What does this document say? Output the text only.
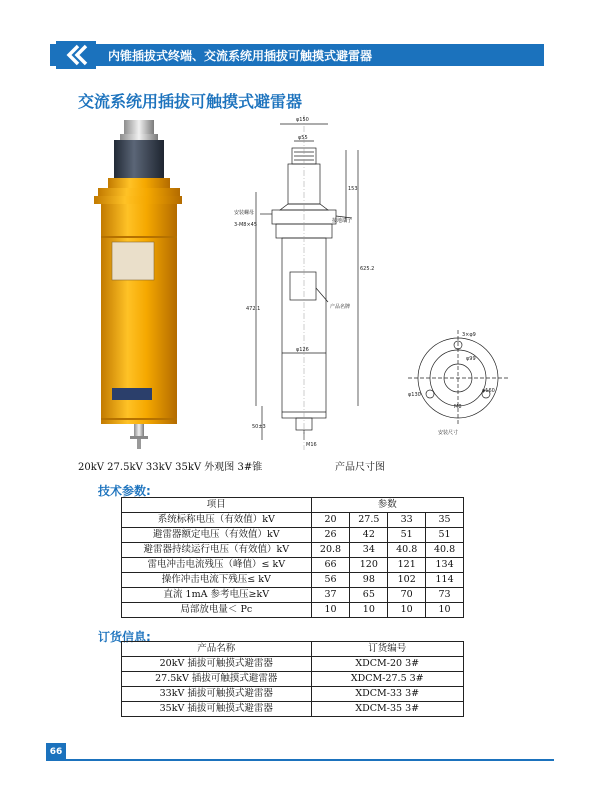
内锥插拔式终端、交流系统用插拔可触摸式避雷器
交流系统用插拔可触摸式避雷器
φ150
φ55
φ126
M16
153
625.2
472.1
50±3
安装螺母
3-M8×45
接地端子
产品名牌
3×φ9
φ99
φ130
φ160
M8
安装尺寸
20kV 27.5kV 33kV 35kV 外观图 3#锥	产品尺寸图
技术参数:
项目	参数			
系统标称电压（有效值）kV	20	27.5	33	35
避雷器额定电压（有效值）kV	26	42	51	51
避雷器持续运行电压（有效值）kV	20.8	34	40.8	40.8
雷电冲击电流残压（峰值）≤ kV	66	120	121	134
操作冲击电流下残压≤ kV	56	98	102	114
直流 1mA 参考电压≥kV	37	65	70	73
局部放电量＜ Pc	10	10	10	10
订货信息:
产品名称	订货编号
20kV 插拔可触摸式避雷器	XDCM-20 3#
27.5kV 插拔可触摸式避雷器	XDCM-27.5 3#
33kV 插拔可触摸式避雷器	XDCM-33 3#
35kV 插拔可触摸式避雷器	XDCM-35 3#
66
